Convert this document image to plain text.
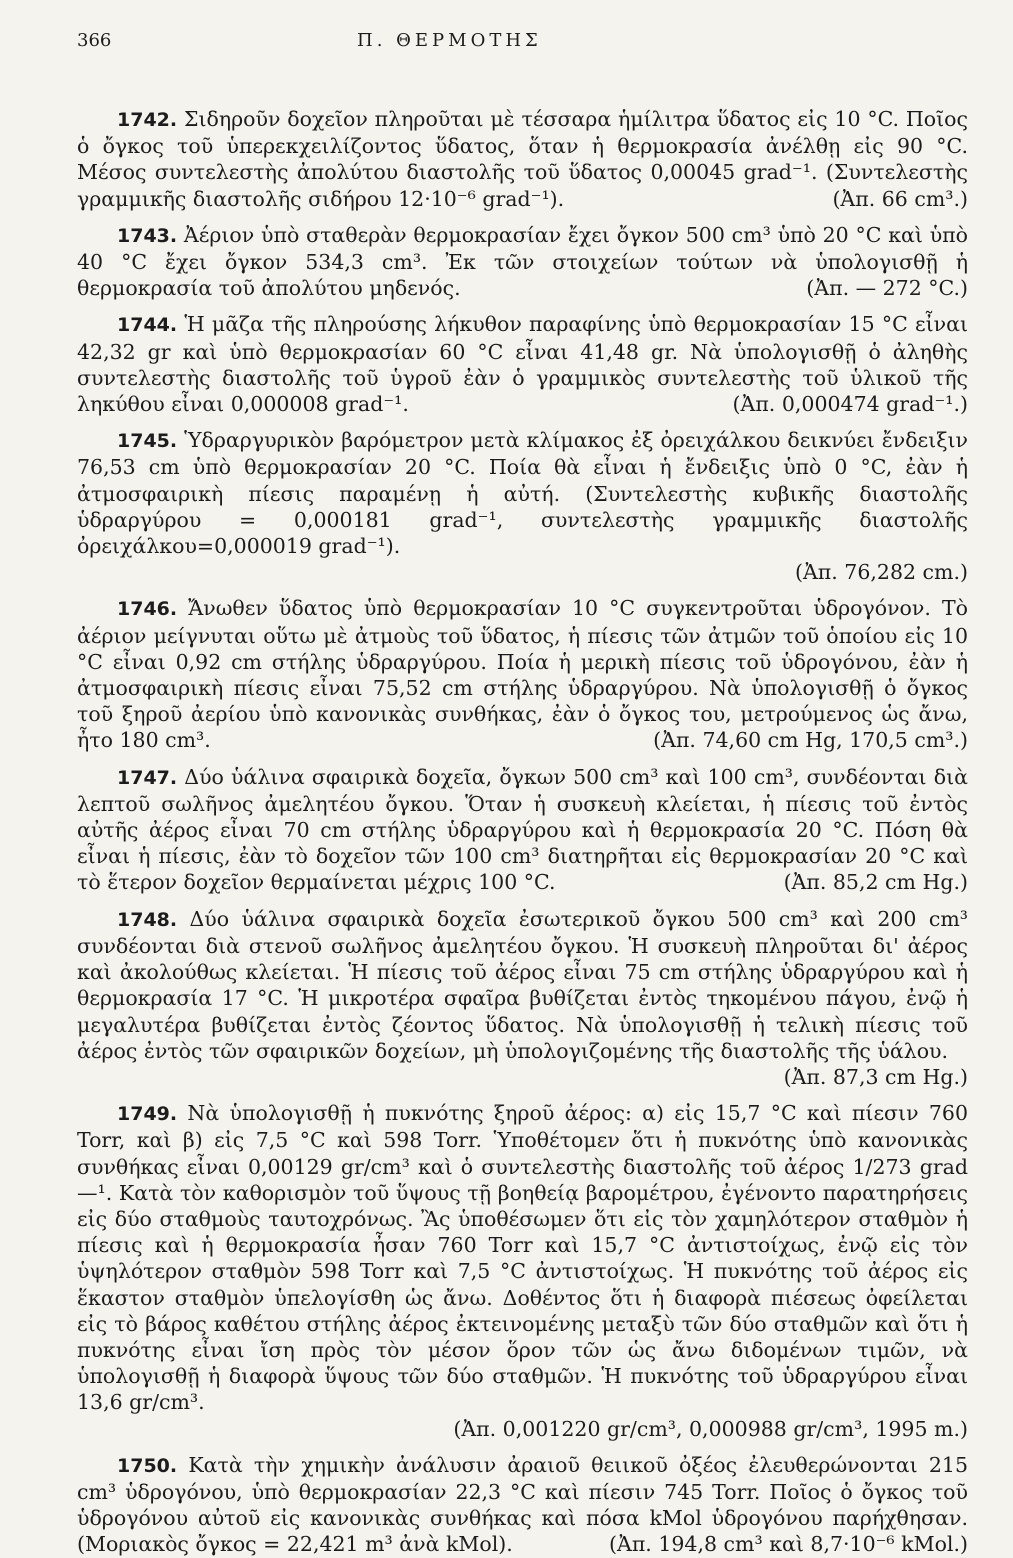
366	Π. ΘΕΡΜΟΤΗΣ

1742. Σιδηροῦν δοχεῖον πληροῦται μὲ τέσσαρα ἡμίλιτρα ὕδατος εἰς 10 °C. Ποῖος ὁ ὄγκος τοῦ ὑπερεκχειλίζοντος ὕδατος, ὅταν ἡ θερμοκρασία ἀνέλθῃ εἰς 90 °C. Μέσος συντελεστὴς ἀπολύτου διαστολῆς τοῦ ὕδατος 0,00045 grad⁻¹. (Συντελεστὴς γραμμικῆς διαστολῆς σιδήρου 12·10⁻⁶ grad⁻¹).	(Ἀπ. 66 cm³.)

1743. Ἀέριον ὑπὸ σταθερὰν θερμοκρασίαν ἔχει ὄγκον 500 cm³ ὑπὸ 20 °C καὶ ὑπὸ 40 °C ἔχει ὄγκον 534,3 cm³. Ἐκ τῶν στοιχείων τούτων νὰ ὑπολογισθῇ ἡ θερμοκρασία τοῦ ἀπολύτου μηδενός.	(Ἀπ. — 272 °C.)

1744. Ἡ μᾶζα τῆς πληρούσης λήκυθον παραφίνης ὑπὸ θερμοκρασίαν 15 °C εἶναι 42,32 gr καὶ ὑπὸ θερμοκρασίαν 60 °C εἶναι 41,48 gr. Νὰ ὑπολογισθῇ ὁ ἀληθὴς συντελεστὴς διαστολῆς τοῦ ὑγροῦ ἐὰν ὁ γραμμικὸς συντελεστὴς τοῦ ὑλικοῦ τῆς ληκύθου εἶναι 0,000008 grad⁻¹.	(Ἀπ. 0,000474 grad⁻¹.)

1745. Ὑδραργυρικὸν βαρόμετρον μετὰ κλίμακος ἐξ ὀρειχάλκου δεικνύει ἔνδειξιν 76,53 cm ὑπὸ θερμοκρασίαν 20 °C. Ποία θὰ εἶναι ἡ ἔνδειξις ὑπὸ 0 °C, ἐὰν ἡ ἀτμοσφαιρικὴ πίεσις παραμένῃ ἡ αὐτή. (Συντελεστὴς κυβικῆς διαστολῆς ὑδραργύρου = 0,000181 grad⁻¹, συντελεστὴς γραμμικῆς διαστολῆς ὀρειχάλκου=0,000019 grad⁻¹).
(Ἀπ. 76,282 cm.)

1746. Ἄνωθεν ὕδατος ὑπὸ θερμοκρασίαν 10 °C συγκεντροῦται ὑδρογόνον. Τὸ ἀέριον μείγνυται οὕτω μὲ ἀτμοὺς τοῦ ὕδατος, ἡ πίεσις τῶν ἀτμῶν τοῦ ὁποίου εἰς 10 °C εἶναι 0,92 cm στήλης ὑδραργύρου. Ποία ἡ μερικὴ πίεσις τοῦ ὑδρογόνου, ἐὰν ἡ ἀτμοσφαιρικὴ πίεσις εἶναι 75,52 cm στήλης ὑδραργύρου. Νὰ ὑπολογισθῇ ὁ ὄγκος τοῦ ξηροῦ ἀερίου ὑπὸ κανονικὰς συνθήκας, ἐὰν ὁ ὄγκος του, μετρούμενος ὡς ἄνω, ἦτο 180 cm³.	(Ἀπ. 74,60 cm Hg, 170,5 cm³.)

1747. Δύο ὑάλινα σφαιρικὰ δοχεῖα, ὄγκων 500 cm³ καὶ 100 cm³, συνδέονται διὰ λεπτοῦ σωλῆνος ἀμελητέου ὄγκου. Ὅταν ἡ συσκευὴ κλείεται, ἡ πίεσις τοῦ ἐντὸς αὐτῆς ἀέρος εἶναι 70 cm στήλης ὑδραργύρου καὶ ἡ θερμοκρασία 20 °C. Πόση θὰ εἶναι ἡ πίεσις, ἐὰν τὸ δοχεῖον τῶν 100 cm³ διατηρῆται εἰς θερμοκρασίαν 20 °C καὶ τὸ ἕτερον δοχεῖον θερμαίνεται μέχρις 100 °C.	(Ἀπ. 85,2 cm Hg.)

1748. Δύο ὑάλινα σφαιρικὰ δοχεῖα ἐσωτερικοῦ ὄγκου 500 cm³ καὶ 200 cm³ συνδέονται διὰ στενοῦ σωλῆνος ἀμελητέου ὄγκου. Ἡ συσκευὴ πληροῦται δι' ἀέρος καὶ ἀκολούθως κλείεται. Ἡ πίεσις τοῦ ἀέρος εἶναι 75 cm στήλης ὑδραργύρου καὶ ἡ θερμοκρασία 17 °C. Ἡ μικροτέρα σφαῖρα βυθίζεται ἐντὸς τηκομένου πάγου, ἐνῷ ἡ μεγαλυτέρα βυθίζεται ἐντὸς ζέοντος ὕδατος. Νὰ ὑπολογισθῇ ἡ τελικὴ πίεσις τοῦ ἀέρος ἐντὸς τῶν σφαιρικῶν δοχείων, μὴ ὑπολογιζομένης τῆς διαστολῆς τῆς ὑάλου.
(Ἀπ. 87,3 cm Hg.)

1749. Νὰ ὑπολογισθῇ ἡ πυκνότης ξηροῦ ἀέρος: α) εἰς 15,7 °C καὶ πίεσιν 760 Torr, καὶ β) εἰς 7,5 °C καὶ 598 Torr. Ὑποθέτομεν ὅτι ἡ πυκνότης ὑπὸ κανονικὰς συνθήκας εἶναι 0,00129 gr/cm³ καὶ ὁ συντελεστὴς διαστολῆς τοῦ ἀέρος 1/273 grad—¹. Κατὰ τὸν καθορισμὸν τοῦ ὕψους τῇ βοηθείᾳ βαρομέτρου, ἐγένοντο παρατηρήσεις εἰς δύο σταθμοὺς ταυτοχρόνως. Ἂς ὑποθέσωμεν ὅτι εἰς τὸν χαμηλότερον σταθμὸν ἡ πίεσις καὶ ἡ θερμοκρασία ἦσαν 760 Torr καὶ 15,7 °C ἀντιστοίχως, ἐνῷ εἰς τὸν ὑψηλότερον σταθμὸν 598 Torr καὶ 7,5 °C ἀντιστοίχως. Ἡ πυκνότης τοῦ ἀέρος εἰς ἕκαστον σταθμὸν ὑπελογίσθη ὡς ἄνω. Δοθέντος ὅτι ἡ διαφορὰ πιέσεως ὀφείλεται εἰς τὸ βάρος καθέτου στήλης ἀέρος ἐκτεινομένης μεταξὺ τῶν δύο σταθμῶν καὶ ὅτι ἡ πυκνότης εἶναι ἴση πρὸς τὸν μέσον ὅρον τῶν ὡς ἄνω διδομένων τιμῶν, νὰ ὑπολογισθῇ ἡ διαφορὰ ὕψους τῶν δύο σταθμῶν. Ἡ πυκνότης τοῦ ὑδραργύρου εἶναι 13,6 gr/cm³.
(Ἀπ. 0,001220 gr/cm³, 0,000988 gr/cm³, 1995 m.)

1750. Κατὰ τὴν χημικὴν ἀνάλυσιν ἀραιοῦ θειικοῦ ὀξέος ἐλευθερώνονται 215 cm³ ὑδρογόνου, ὑπὸ θερμοκρασίαν 22,3 °C καὶ πίεσιν 745 Torr. Ποῖος ὁ ὄγκος τοῦ ὑδρογόνου αὐτοῦ εἰς κανονικὰς συνθήκας καὶ πόσα kMol ὑδρογόνου παρήχθησαν. (Μοριακὸς ὄγκος = 22,421 m³ ἀνὰ kMol).	(Ἀπ. 194,8 cm³ καὶ 8,7·10⁻⁶ kMol.)
